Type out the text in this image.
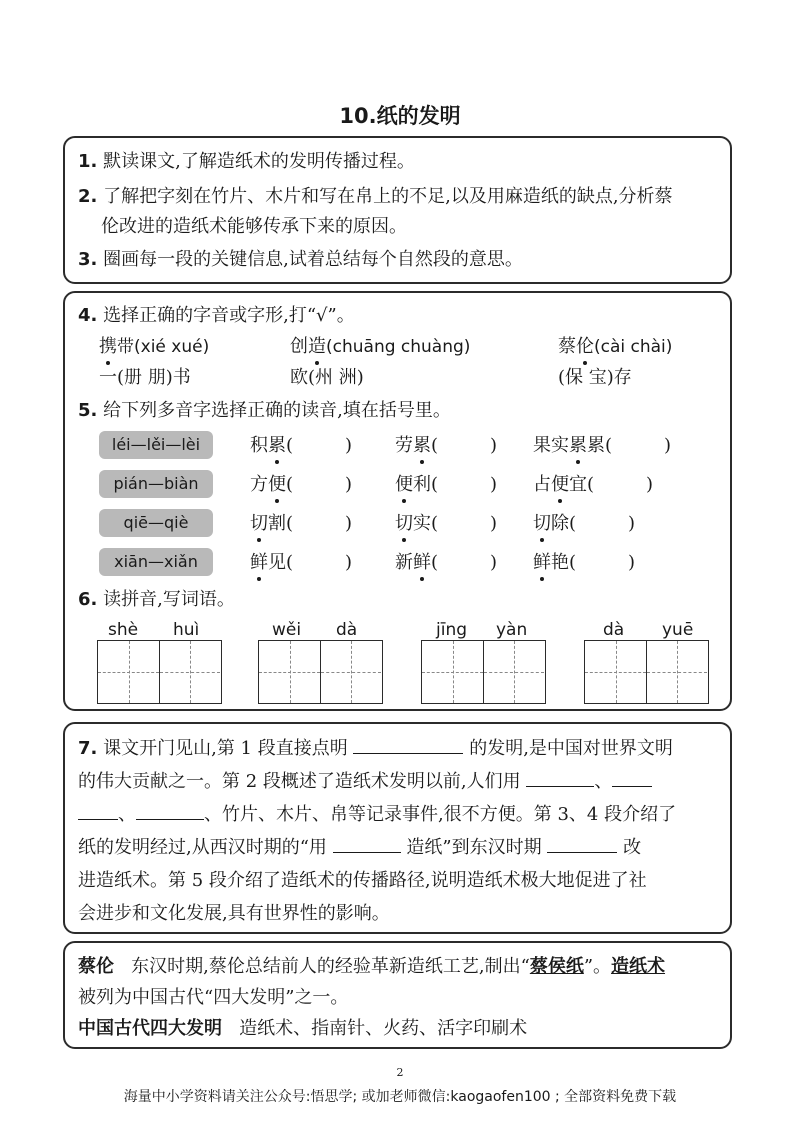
10.纸的发明
1. 默读课文,了解造纸术的发明传播过程。
2. 了解把字刻在竹片、木片和写在帛上的不足,以及用麻造纸的缺点,分析蔡
伦改进的造纸术能够传承下来的原因。
3. 圈画每一段的关键信息,试着总结每个自然段的意思。
4. 选择正确的字音或字形,打“√”。
携带(xié xué)	创造(chuāng chuàng)	蔡伦(cài chài)
一(册 朋)书	欧(州 洲)	(保 宝)存
5. 给下列多音字选择正确的读音,填在括号里。
léi—lěi—lèi	积累(	) 劳累(	) 果实累累(	)
pián—biàn	方便(	) 便利(	) 占便宜(	)
qiē—qiè	切割(	) 切实(	) 切除(	)
xiān—xiǎn	鲜见(	) 新鲜(	) 鲜艳(	)
6. 读拼音,写词语。
shè huì	wěi dà	jīng yàn	dà yuē
7. 课文开门见山,第 1 段直接点明	的发明,是中国对世界文明
的伟大贡献之一。第 2 段概述了造纸术发明以前,人们用	、
、	、竹片、木片、帛等记录事件,很不方便。第 3、4 段介绍了
纸的发明经过,从西汉时期的“用	造纸”到东汉时期	改
进造纸术。第 5 段介绍了造纸术的传播路径,说明造纸术极大地促进了社
会进步和文化发展,具有世界性的影响。
蔡伦 东汉时期,蔡伦总结前人的经验革新造纸工艺,制出“蔡侯纸”。造纸术
被列为中国古代“四大发明”之一。
中国古代四大发明 造纸术、指南针、火药、活字印刷术
2
海量中小学资料请关注公众号:悟思学; 或加老师微信:kaogaofen100 ; 全部资料免费下载
